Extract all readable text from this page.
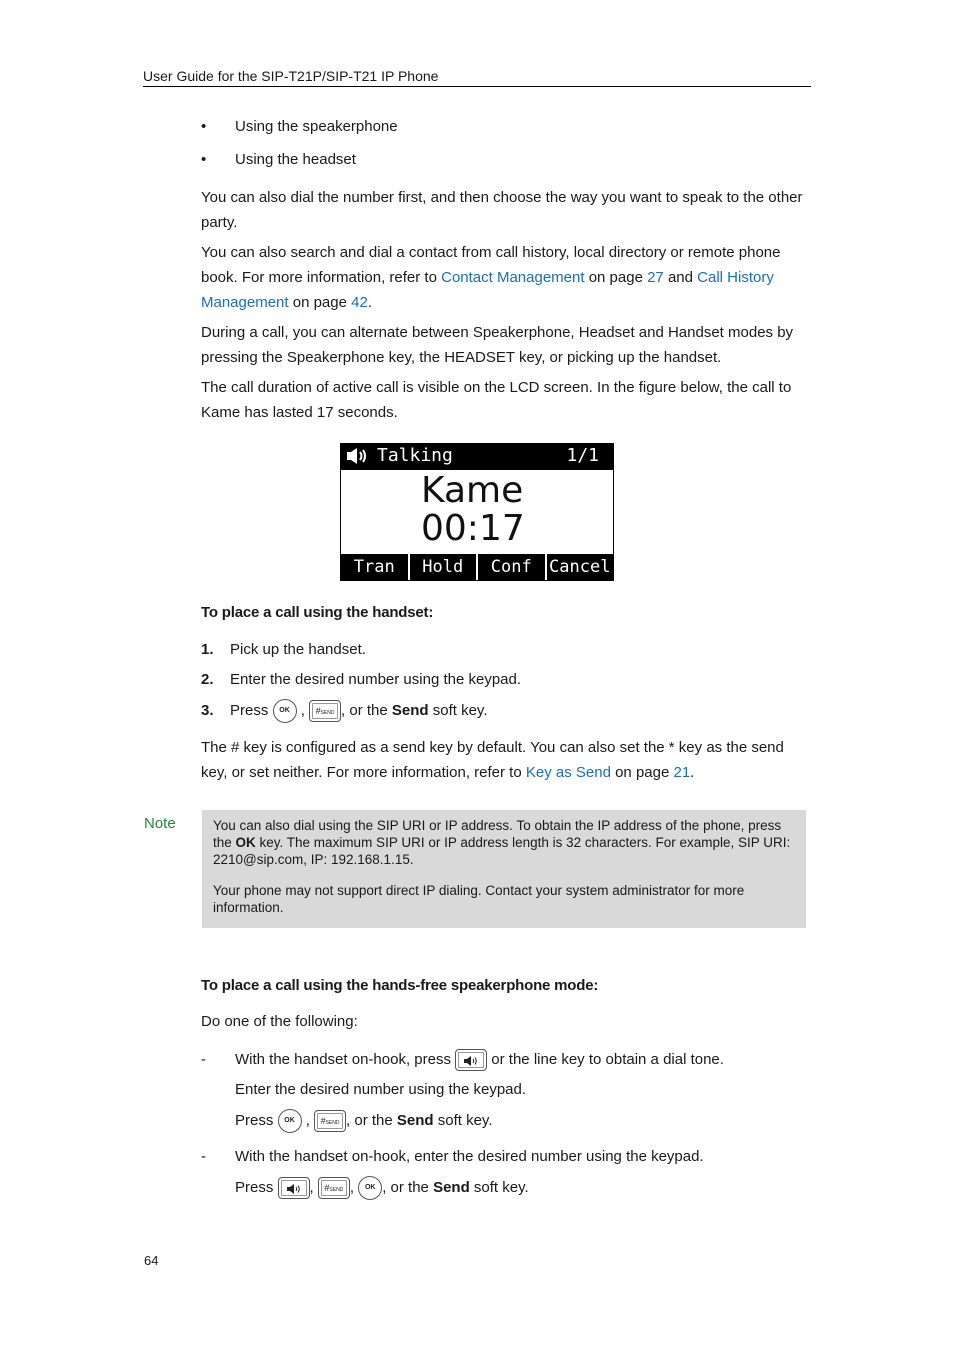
User Guide for the SIP-T21P/SIP-T21 IP Phone
• Using the speakerphone
• Using the headset
You can also dial the number first, and then choose the way you want to speak to the other party.
You can also search and dial a contact from call history, local directory or remote phone book. For more information, refer to Contact Management on page 27 and Call History Management on page 42.
During a call, you can alternate between Speakerphone, Headset and Handset modes by pressing the Speakerphone key, the HEADSET key, or picking up the handset.
The call duration of active call is visible on the LCD screen. In the figure below, the call to Kame has lasted 17 seconds.
Talking	1/1
Kame
00:17
Tran	Hold	Conf	Cancel
To place a call using the handset:
1. Pick up the handset.
2. Enter the desired number using the keypad.
3. Press OK , #SEND , or the Send soft key.
The # key is configured as a send key by default. You can also set the * key as the send key, or set neither. For more information, refer to Key as Send on page 21.
Note	You can also dial using the SIP URI or IP address. To obtain the IP address of the phone, press the OK key. The maximum SIP URI or IP address length is 32 characters. For example, SIP URI: 2210@sip.com, IP: 192.168.1.15.

Your phone may not support direct IP dialing. Contact your system administrator for more information.

To place a call using the hands-free speakerphone mode:
Do one of the following:
- With the handset on-hook, press  or the line key to obtain a dial tone.
Enter the desired number using the keypad.
Press OK , #SEND , or the Send soft key.
- With the handset on-hook, enter the desired number using the keypad.
Press , #SEND , OK , or the Send soft key.
64
